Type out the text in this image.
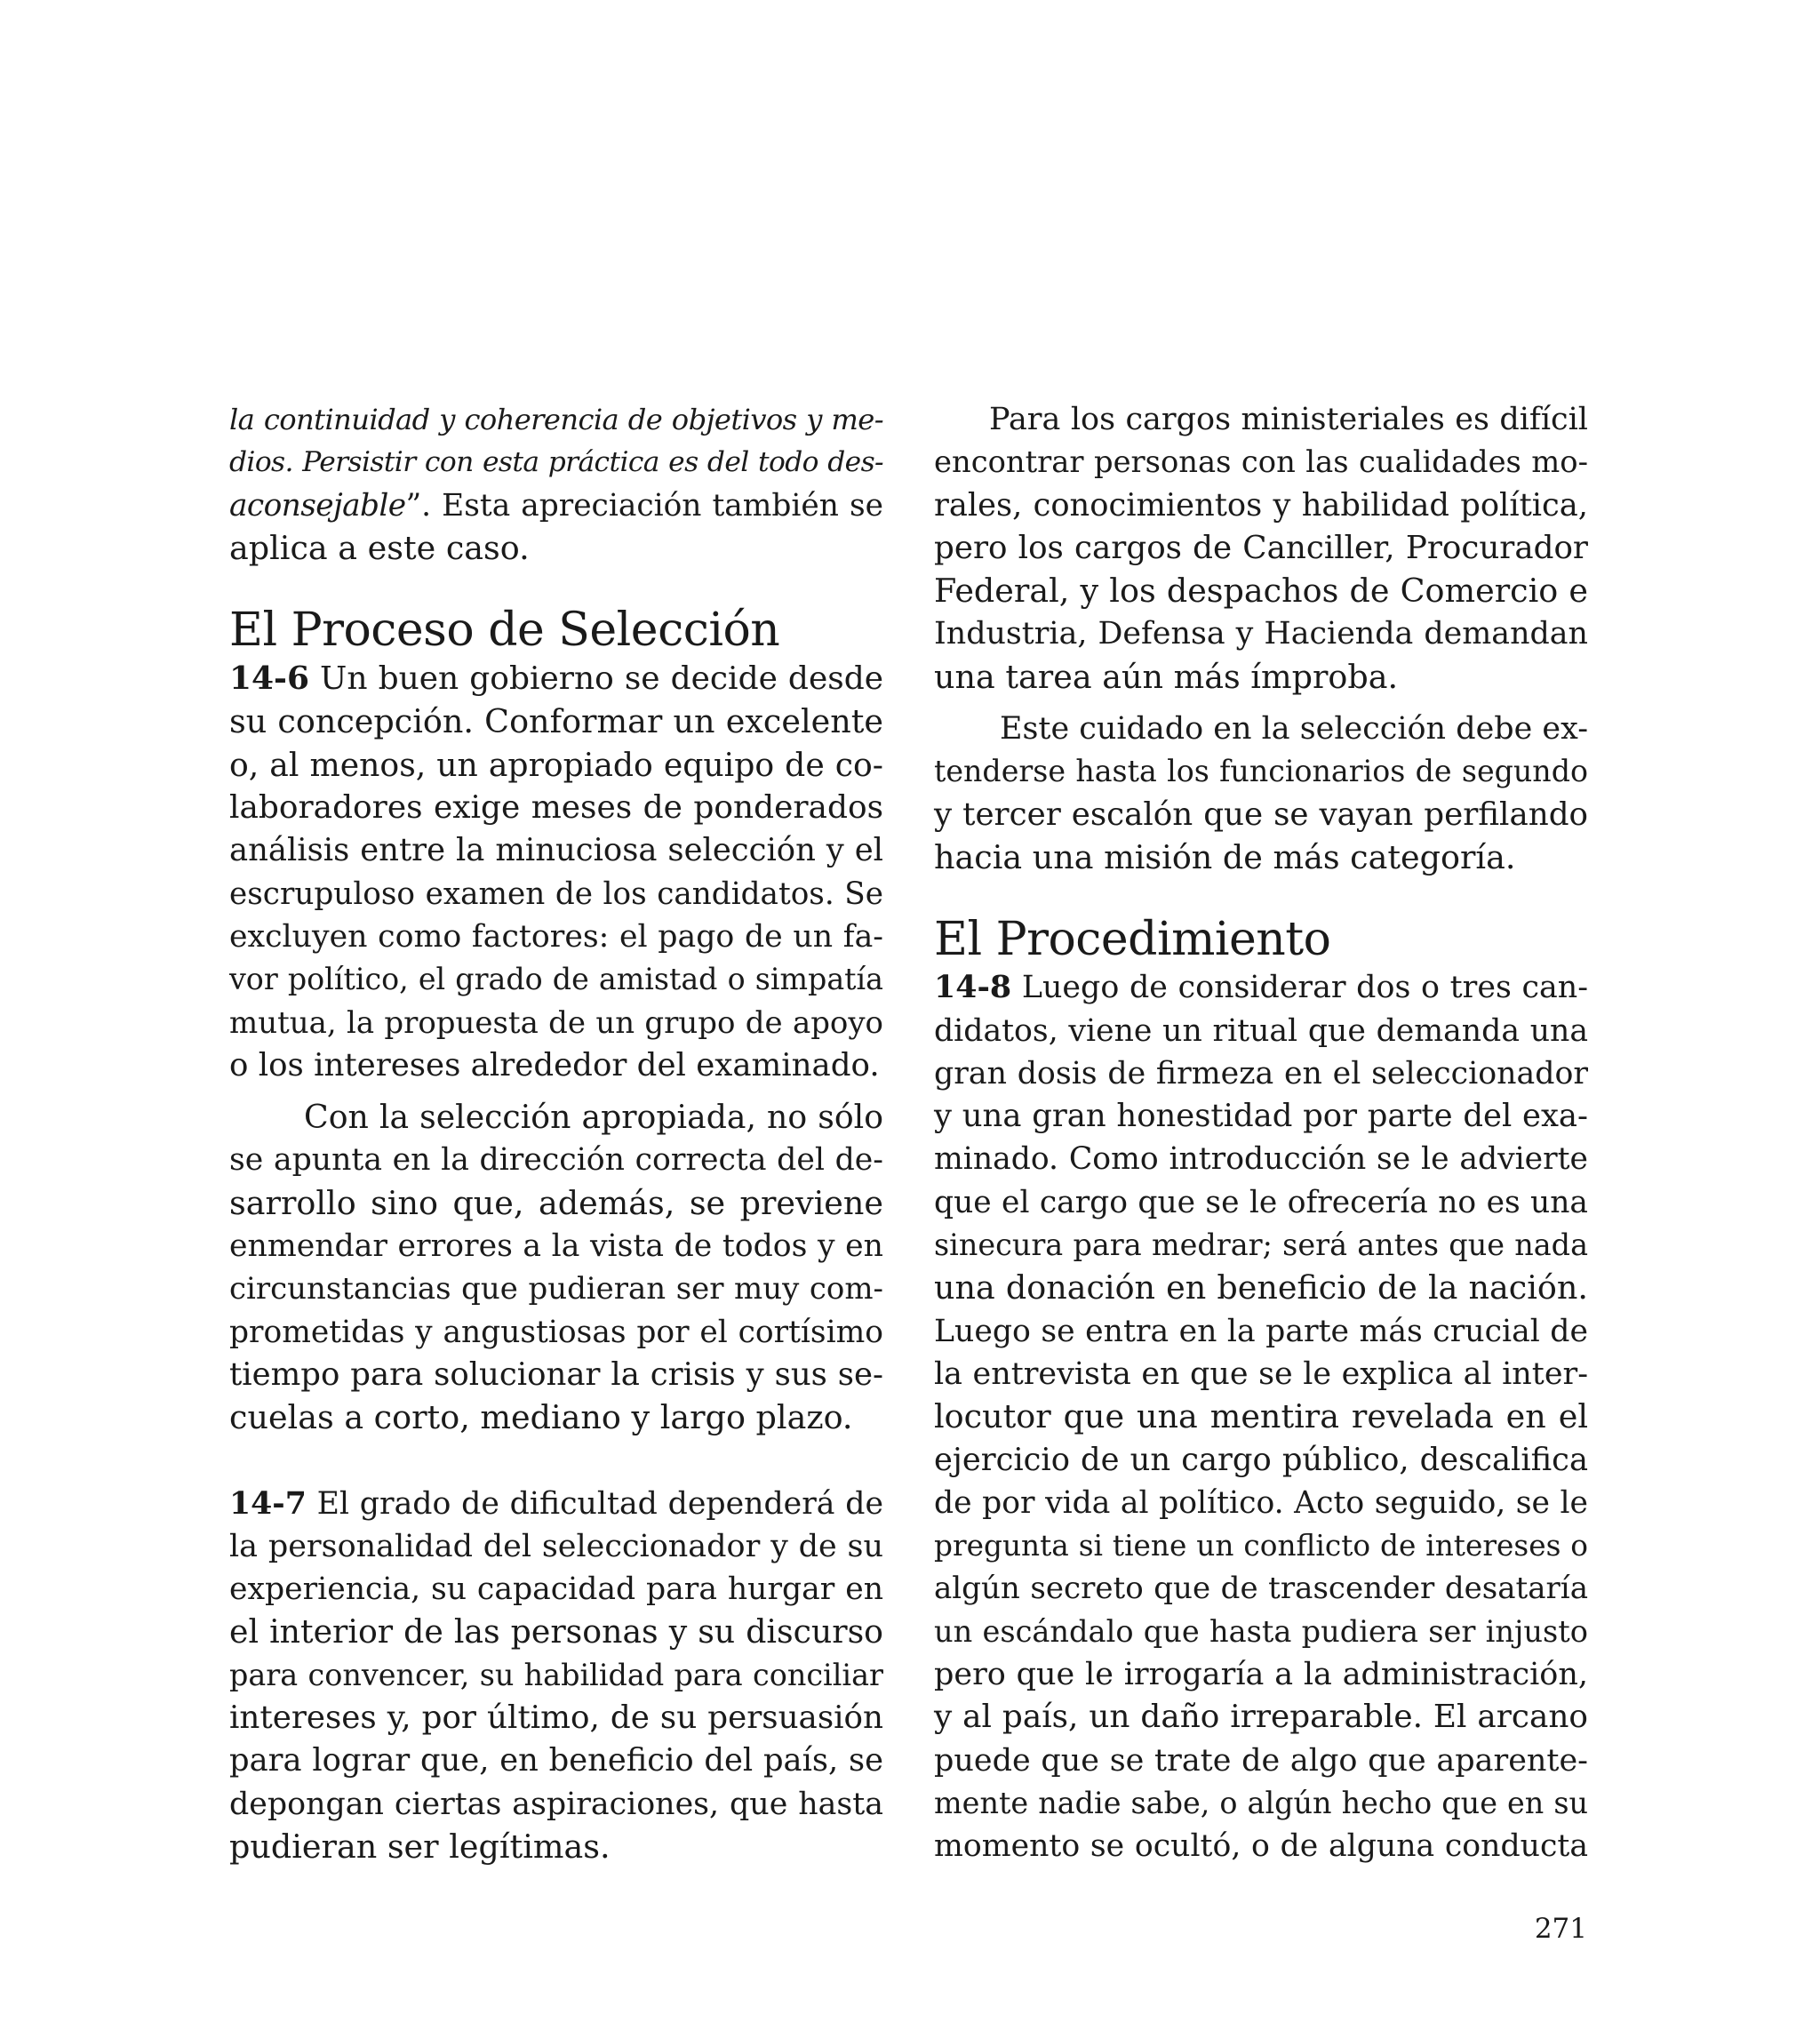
la continuidad y coherencia de objetivos y me-
dios. Persistir con esta práctica es del todo des-
aconsejable”. Esta apreciación también se
aplica a este caso.
El Proceso de Selección
14-6 Un buen gobierno se decide desde
su concepción. Conformar un excelente
o, al menos, un apropiado equipo de co-
laboradores exige meses de ponderados
análisis entre la minuciosa selección y el
escrupuloso examen de los candidatos. Se
excluyen como factores: el pago de un fa-
vor político, el grado de amistad o simpatía
mutua, la propuesta de un grupo de apoyo
o los intereses alrededor del examinado.
Con la selección apropiada, no sólo
se apunta en la dirección correcta del de-
sarrollo sino que, además, se previene
enmendar errores a la vista de todos y en
circunstancias que pudieran ser muy com-
prometidas y angustiosas por el cortísimo
tiempo para solucionar la crisis y sus se-
cuelas a corto, mediano y largo plazo.
14-7 El grado de dificultad dependerá de
la personalidad del seleccionador y de su
experiencia, su capacidad para hurgar en
el interior de las personas y su discurso
para convencer, su habilidad para conciliar
intereses y, por último, de su persuasión
para lograr que, en beneficio del país, se
depongan ciertas aspiraciones, que hasta
pudieran ser legítimas.
Para los cargos ministeriales es difícil
encontrar personas con las cualidades mo-
rales, conocimientos y habilidad política,
pero los cargos de Canciller, Procurador
Federal, y los despachos de Comercio e
Industria, Defensa y Hacienda demandan
una tarea aún más ímproba.
Este cuidado en la selección debe ex-
tenderse hasta los funcionarios de segundo
y tercer escalón que se vayan perfilando
hacia una misión de más categoría.
El Procedimiento
14-8 Luego de considerar dos o tres can-
didatos, viene un ritual que demanda una
gran dosis de firmeza en el seleccionador
y una gran honestidad por parte del exa-
minado. Como introducción se le advierte
que el cargo que se le ofrecería no es una
sinecura para medrar; será antes que nada
una donación en beneficio de la nación.
Luego se entra en la parte más crucial de
la entrevista en que se le explica al inter-
locutor que una mentira revelada en el
ejercicio de un cargo público, descalifica
de por vida al político. Acto seguido, se le
pregunta si tiene un conflicto de intereses o
algún secreto que de trascender desataría
un escándalo que hasta pudiera ser injusto
pero que le irrogaría a la administración,
y al país, un daño irreparable. El arcano
puede que se trate de algo que aparente-
mente nadie sabe, o algún hecho que en su
momento se ocultó, o de alguna conducta
271
